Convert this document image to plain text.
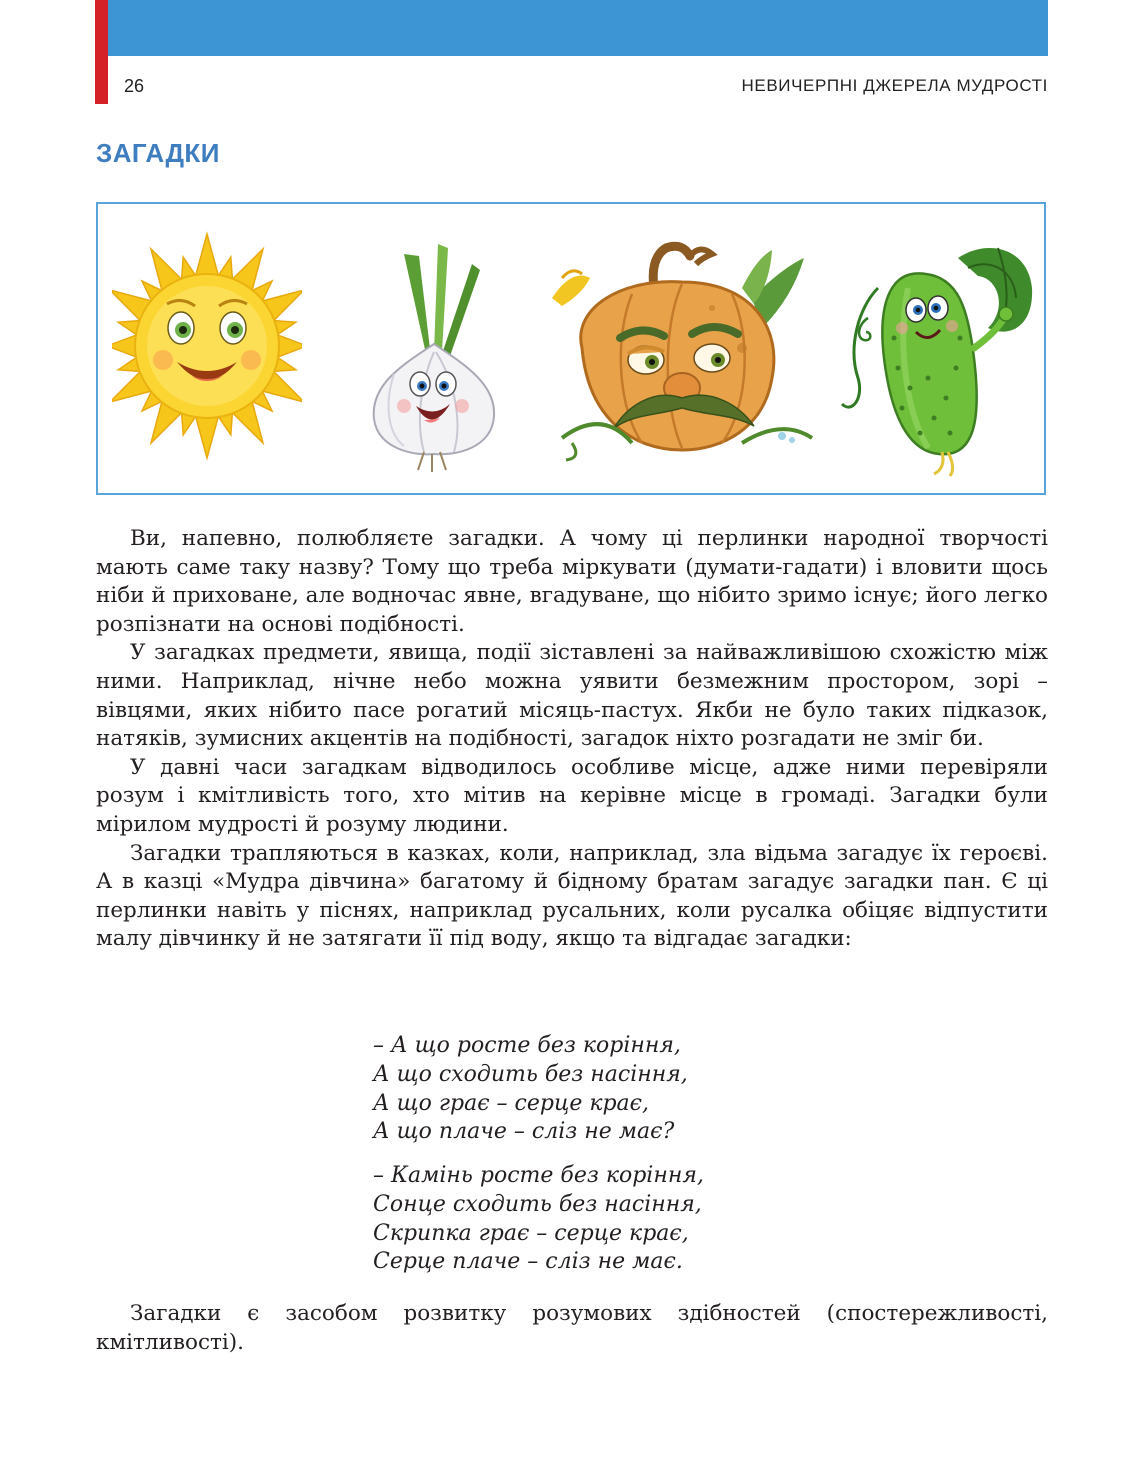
26	НЕВИЧЕРПНІ ДЖЕРЕЛА МУДРОСТІ
ЗАГАДКИ

Ви, напевно, полюбляєте загадки. А чому ці перлинки народної творчості мають саме таку назву? Тому що треба міркувати (думати-гадати) і вловити щось ніби й приховане, але водночас явне, вгадуване, що нібито зримо існує; його легко розпізнати на основі подібності.

У загадках предмети, явища, події зіставлені за найважливішою схожістю між ними. Наприклад, нічне небо можна уявити безмежним простором, зорі – вівцями, яких нібито пасе рогатий місяць-пастух. Якби не було таких підказок, натяків, зумисних акцентів на подібності, загадок ніхто розгадати не зміг би.

У давні часи загадкам відводилось особливе місце, адже ними перевіряли розум і кмітливість того, хто мітив на керівне місце в громаді. Загадки були мірилом мудрості й розуму людини.

Загадки трапляються в казках, коли, наприклад, зла відьма загадує їх героєві. А в казці «Мудра дівчина» багатому й бідному братам загадує загадки пан. Є ці перлинки навіть у піснях, наприклад русальних, коли русалка обіцяє відпустити малу дівчинку й не затягати її під воду, якщо та відгадає загадки:

– А що росте без коріння,
А що сходить без насіння,
А що грає – серце крає,
А що плаче – сліз не має?
– Камінь росте без коріння,
Сонце сходить без насіння,
Скрипка грає – серце крає,
Серце плаче – сліз не має.

Загадки є засобом розвитку розумових здібностей (спостережливості, кмітливості).
